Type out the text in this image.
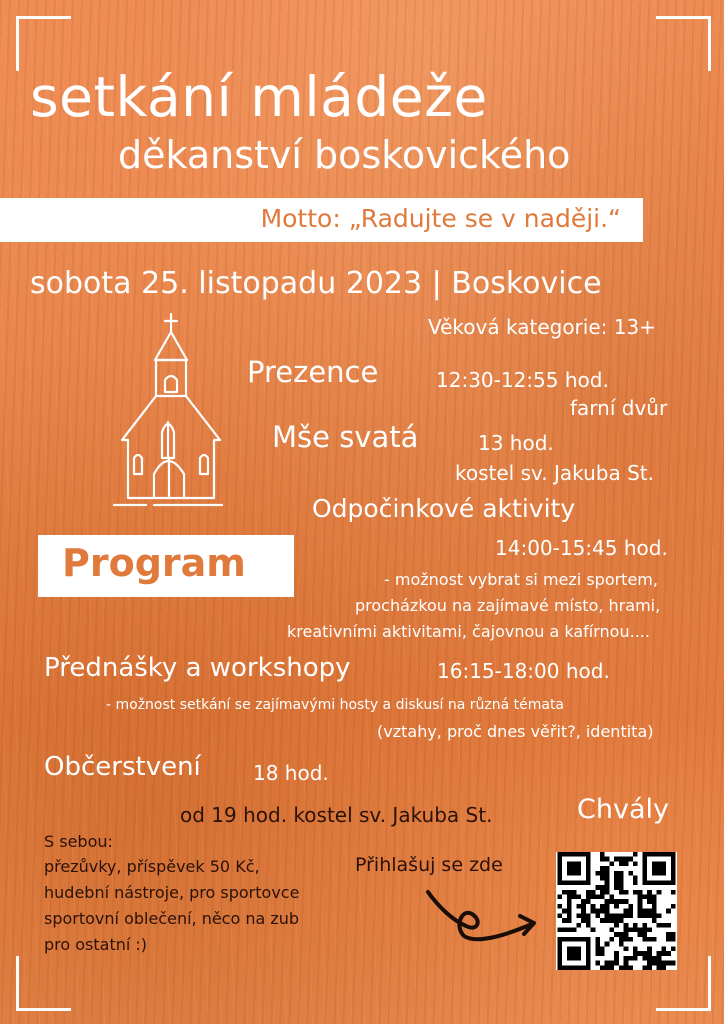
setkání mládeže
děkanství boskovického
Motto: „Radujte se v naději.“
sobota 25. listopadu 2023 | Boskovice
Věková kategorie: 13+
Prezence	12:30-12:55 hod.
farní dvůr
Mše svatá	13 hod.
kostel sv. Jakuba St.
Odpočinkové aktivity
14:00-15:45 hod.
- možnost vybrat si mezi sportem,
procházkou na zajímavé místo, hrami,
kreativními aktivitami, čajovnou a kafírnou....
Program
Přednášky a workshopy	16:15-18:00 hod.
- možnost setkání se zajímavými hosty a diskusí na různá témata
(vztahy, proč dnes věřit?, identita)
Občerstvení	18 hod.
od 19 hod. kostel sv. Jakuba St.	Chvály
S sebou:
přezůvky, příspěvek 50 Kč,
hudební nástroje, pro sportovce
sportovní oblečení, něco na zub
pro ostatní :)
Přihlašuj se zde
